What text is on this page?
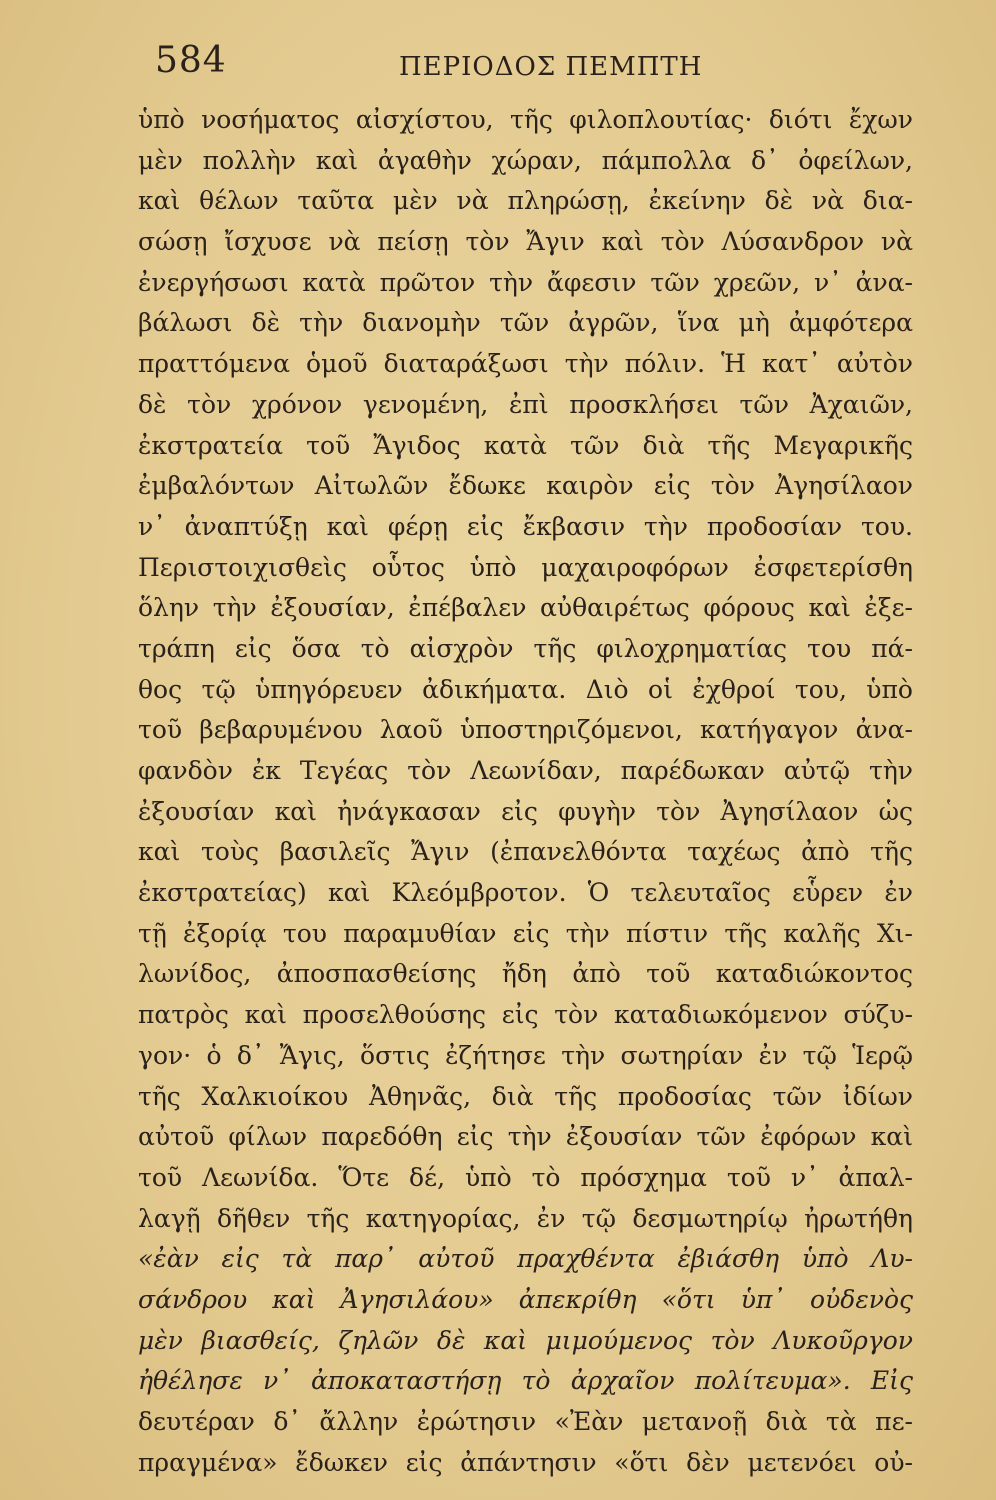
584	ΠΕΡΙΟΔΟΣ ΠΕΜΠΤΗ
ὑπὸ νοσήματος αἰσχίστου, τῆς φιλοπλουτίας· διότι ἔχων
μὲν πολλὴν καὶ ἀγαθὴν χώραν, πάμπολλα δ᾽ ὀφείλων,
καὶ θέλων ταῦτα μὲν νὰ πληρώσῃ, ἐκείνην δὲ νὰ δια-
σώσῃ ἴσχυσε νὰ πείσῃ τὸν Ἄγιν καὶ τὸν Λύσανδρον νὰ
ἐνεργήσωσι κατὰ πρῶτον τὴν ἄφεσιν τῶν χρεῶν, ν᾽ ἀνα-
βάλωσι δὲ τὴν διανομὴν τῶν ἀγρῶν, ἵνα μὴ ἀμφότερα
πραττόμενα ὁμοῦ διαταράξωσι τὴν πόλιν. Ἡ κατ᾽ αὐτὸν
δὲ τὸν χρόνον γενομένη, ἐπὶ προσκλήσει τῶν Ἀχαιῶν,
ἐκστρατεία τοῦ Ἄγιδος κατὰ τῶν διὰ τῆς Μεγαρικῆς
ἐμβαλόντων Αἰτωλῶν ἔδωκε καιρὸν εἰς τὸν Ἀγησίλαον
ν᾽ ἀναπτύξῃ καὶ φέρῃ εἰς ἔκβασιν τὴν προδοσίαν του.
Περιστοιχισθεὶς οὗτος ὑπὸ μαχαιροφόρων ἐσφετερίσθη
ὅλην τὴν ἐξουσίαν, ἐπέβαλεν αὐθαιρέτως φόρους καὶ ἐξε-
τράπη εἰς ὅσα τὸ αἰσχρὸν τῆς φιλοχρηματίας του πά-
θος τῷ ὑπηγόρευεν ἀδικήματα. Διὸ οἱ ἐχθροί του, ὑπὸ
τοῦ βεβαρυμένου λαοῦ ὑποστηριζόμενοι, κατήγαγον ἀνα-
φανδὸν ἐκ Τεγέας τὸν Λεωνίδαν, παρέδωκαν αὐτῷ τὴν
ἐξουσίαν καὶ ἠνάγκασαν εἰς φυγὴν τὸν Ἀγησίλαον ὡς
καὶ τοὺς βασιλεῖς Ἄγιν (ἐπανελθόντα ταχέως ἀπὸ τῆς
ἐκστρατείας) καὶ Κλεόμβροτον. Ὁ τελευταῖος εὗρεν ἐν
τῇ ἐξορίᾳ του παραμυθίαν εἰς τὴν πίστιν τῆς καλῆς Χι-
λωνίδος, ἀποσπασθείσης ἤδη ἀπὸ τοῦ καταδιώκοντος
πατρὸς καὶ προσελθούσης εἰς τὸν καταδιωκόμενον σύζυ-
γον· ὁ δ᾽ Ἄγις, ὅστις ἐζήτησε τὴν σωτηρίαν ἐν τῷ Ἱερῷ
τῆς Χαλκιοίκου Ἀθηνᾶς, διὰ τῆς προδοσίας τῶν ἰδίων
αὐτοῦ φίλων παρεδόθη εἰς τὴν ἐξουσίαν τῶν ἐφόρων καὶ
τοῦ Λεωνίδα. Ὅτε δέ, ὑπὸ τὸ πρόσχημα τοῦ ν᾽ ἀπαλ-
λαγῇ δῆθεν τῆς κατηγορίας, ἐν τῷ δεσμωτηρίῳ ἠρωτήθη
«ἐὰν εἰς τὰ παρ᾽ αὐτοῦ πραχθέντα ἐβιάσθη ὑπὸ Λυ-
σάνδρου καὶ Ἀγησιλάου» ἀπεκρίθη «ὅτι ὑπ᾽ οὐδενὸς
μὲν βιασθείς, ζηλῶν δὲ καὶ μιμούμενος τὸν Λυκοῦργον
ἠθέλησε ν᾽ ἀποκαταστήσῃ τὸ ἀρχαῖον πολίτευμα». Εἰς
δευτέραν δ᾽ ἄλλην ἐρώτησιν «Ἐὰν μετανοῇ διὰ τὰ πε-
πραγμένα» ἔδωκεν εἰς ἀπάντησιν «ὅτι δὲν μετενόει οὐ-
